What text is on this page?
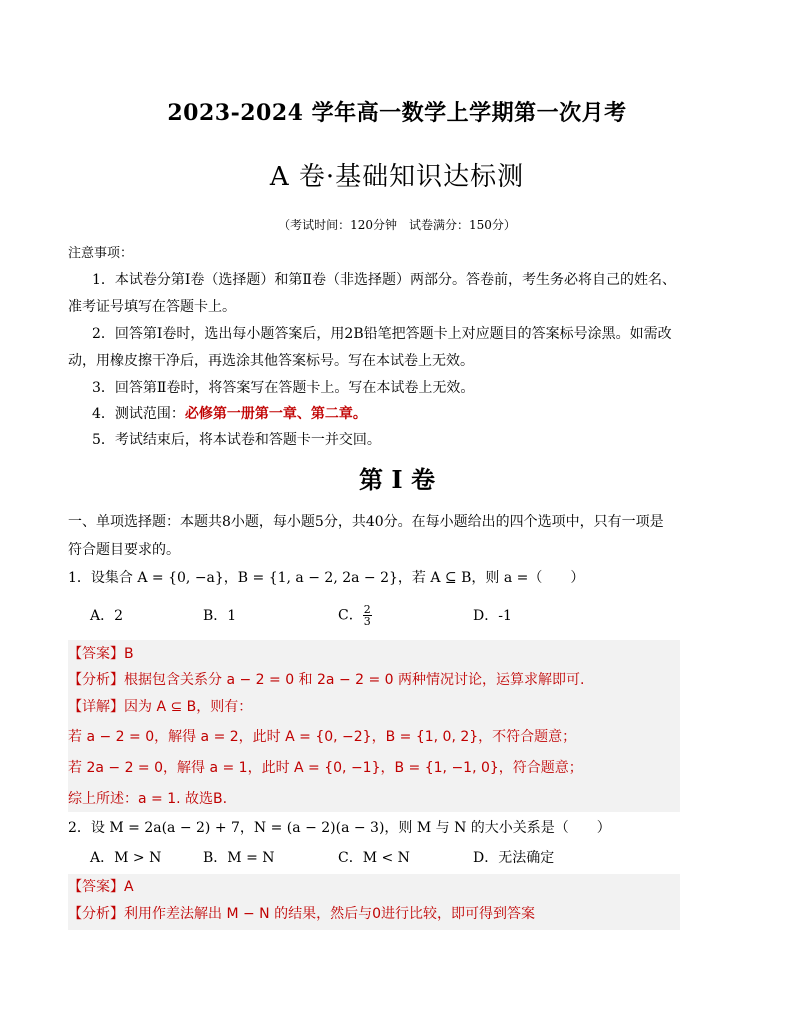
2023-2024 学年高一数学上学期第一次月考
A 卷·基础知识达标测
（考试时间：120分钟　试卷满分：150分）
注意事项：
1．本试卷分第Ⅰ卷（选择题）和第Ⅱ卷（非选择题）两部分。答卷前，考生务必将自己的姓名、
准考证号填写在答题卡上。
2．回答第Ⅰ卷时，选出每小题答案后，用2B铅笔把答题卡上对应题目的答案标号涂黑。如需改
动，用橡皮擦干净后，再选涂其他答案标号。写在本试卷上无效。
3．回答第Ⅱ卷时，将答案写在答题卡上。写在本试卷上无效。
4．测试范围：必修第一册第一章、第二章。
5．考试结束后，将本试卷和答题卡一并交回。
第 I 卷
一、单项选择题：本题共8小题，每小题5分，共40分。在每小题给出的四个选项中，只有一项是
符合题目要求的。
1．设集合 A = {0, −a}，B = {1, a − 2, 2a − 2}，若 A ⊆ B，则 a =（　　）
A．2	B．1	C． $\frac{2}{3}$	D．-1
【答案】B
【分析】根据包含关系分 a − 2 = 0 和 2a − 2 = 0 两种情况讨论，运算求解即可.
【详解】因为 A ⊆ B，则有：
若 a − 2 = 0，解得 a = 2，此时 A = {0, −2}，B = {1, 0, 2}，不符合题意；
若 2a − 2 = 0，解得 a = 1，此时 A = {0, −1}，B = {1, −1, 0}，符合题意；
综上所述：a = 1. 故选B.
2．设 M = 2a(a − 2) + 7，N = (a − 2)(a − 3)，则 M 与 N 的大小关系是（　　）
A．M > N	B．M = N	C．M < N	D．无法确定
【答案】A
【分析】利用作差法解出 M − N 的结果，然后与0进行比较，即可得到答案
